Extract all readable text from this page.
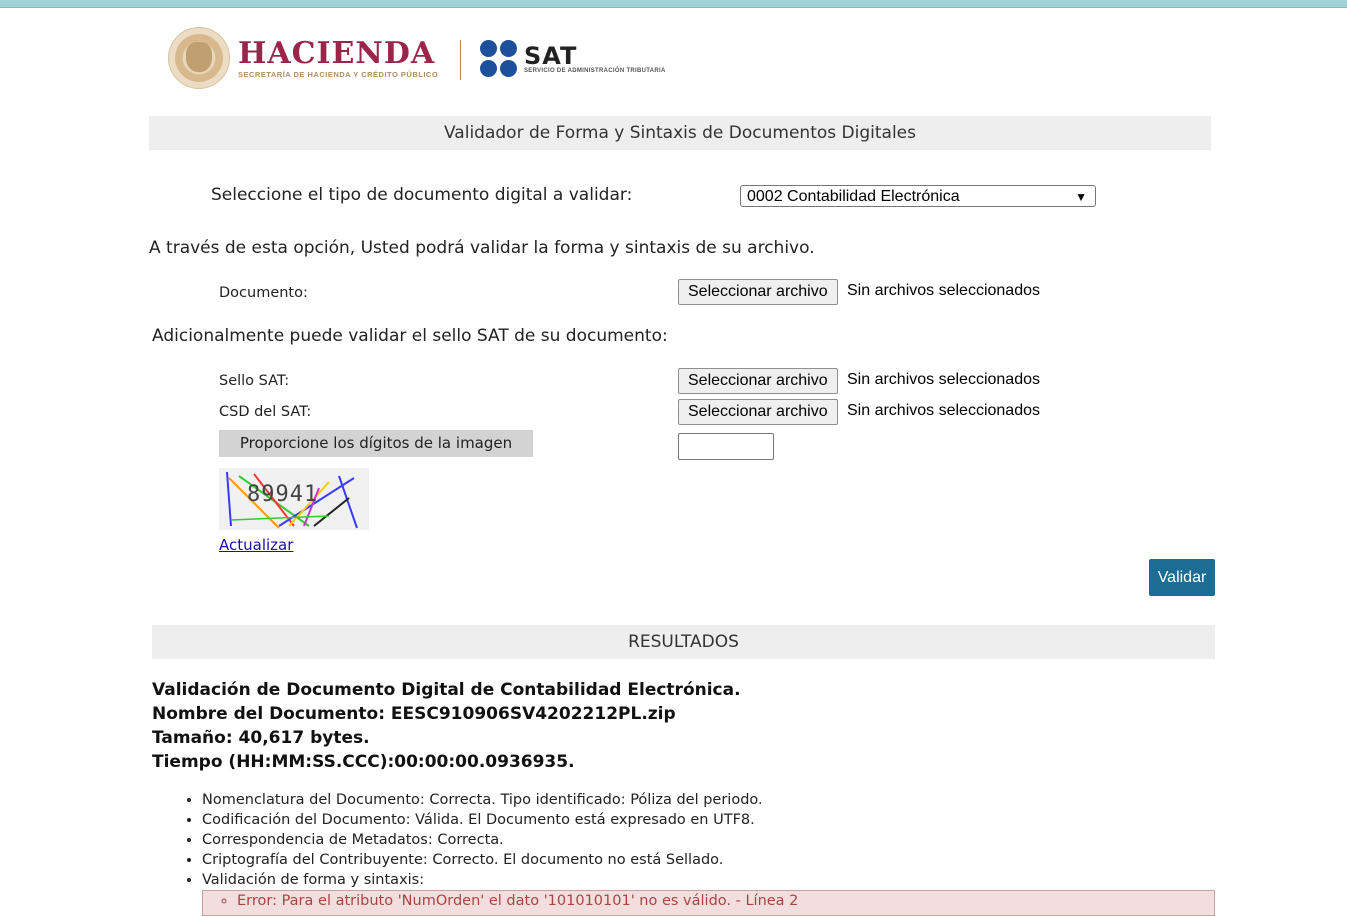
HACIENDA
SECRETARÍA DE HACIENDA Y CRÉDITO PÚBLICO
SAT
SERVICIO DE ADMINISTRACIÓN TRIBUTARIA
Validador de Forma y Sintaxis de Documentos Digitales
Seleccione el tipo de documento digital a validar:	0002 Contabilidad Electrónica	▼
A través de esta opción, Usted podrá validar la forma y sintaxis de su archivo.
Documento:	Seleccionar archivo	Sin archivos seleccionados
Adicionalmente puede validar el sello SAT de su documento:
Sello SAT:	Seleccionar archivo	Sin archivos seleccionados
CSD del SAT:	Seleccionar archivo	Sin archivos seleccionados
Proporcione los dígitos de la imagen
89941
Actualizar
Validar
RESULTADOS
Validación de Documento Digital de Contabilidad Electrónica.
Nombre del Documento: EESC910906SV4202212PL.zip
Tamaño: 40,617 bytes.
Tiempo (HH:MM:SS.CCC):00:00:00.0936935.
• Nomenclatura del Documento: Correcta. Tipo identificado: Póliza del periodo.
• Codificación del Documento: Válida. El Documento está expresado en UTF8.
• Correspondencia de Metadatos: Correcta.
• Criptografía del Contribuyente: Correcto. El documento no está Sellado.
• Validación de forma y sintaxis:
◦ Error: Para el atributo 'NumOrden' el dato '101010101' no es válido. - Línea 2
